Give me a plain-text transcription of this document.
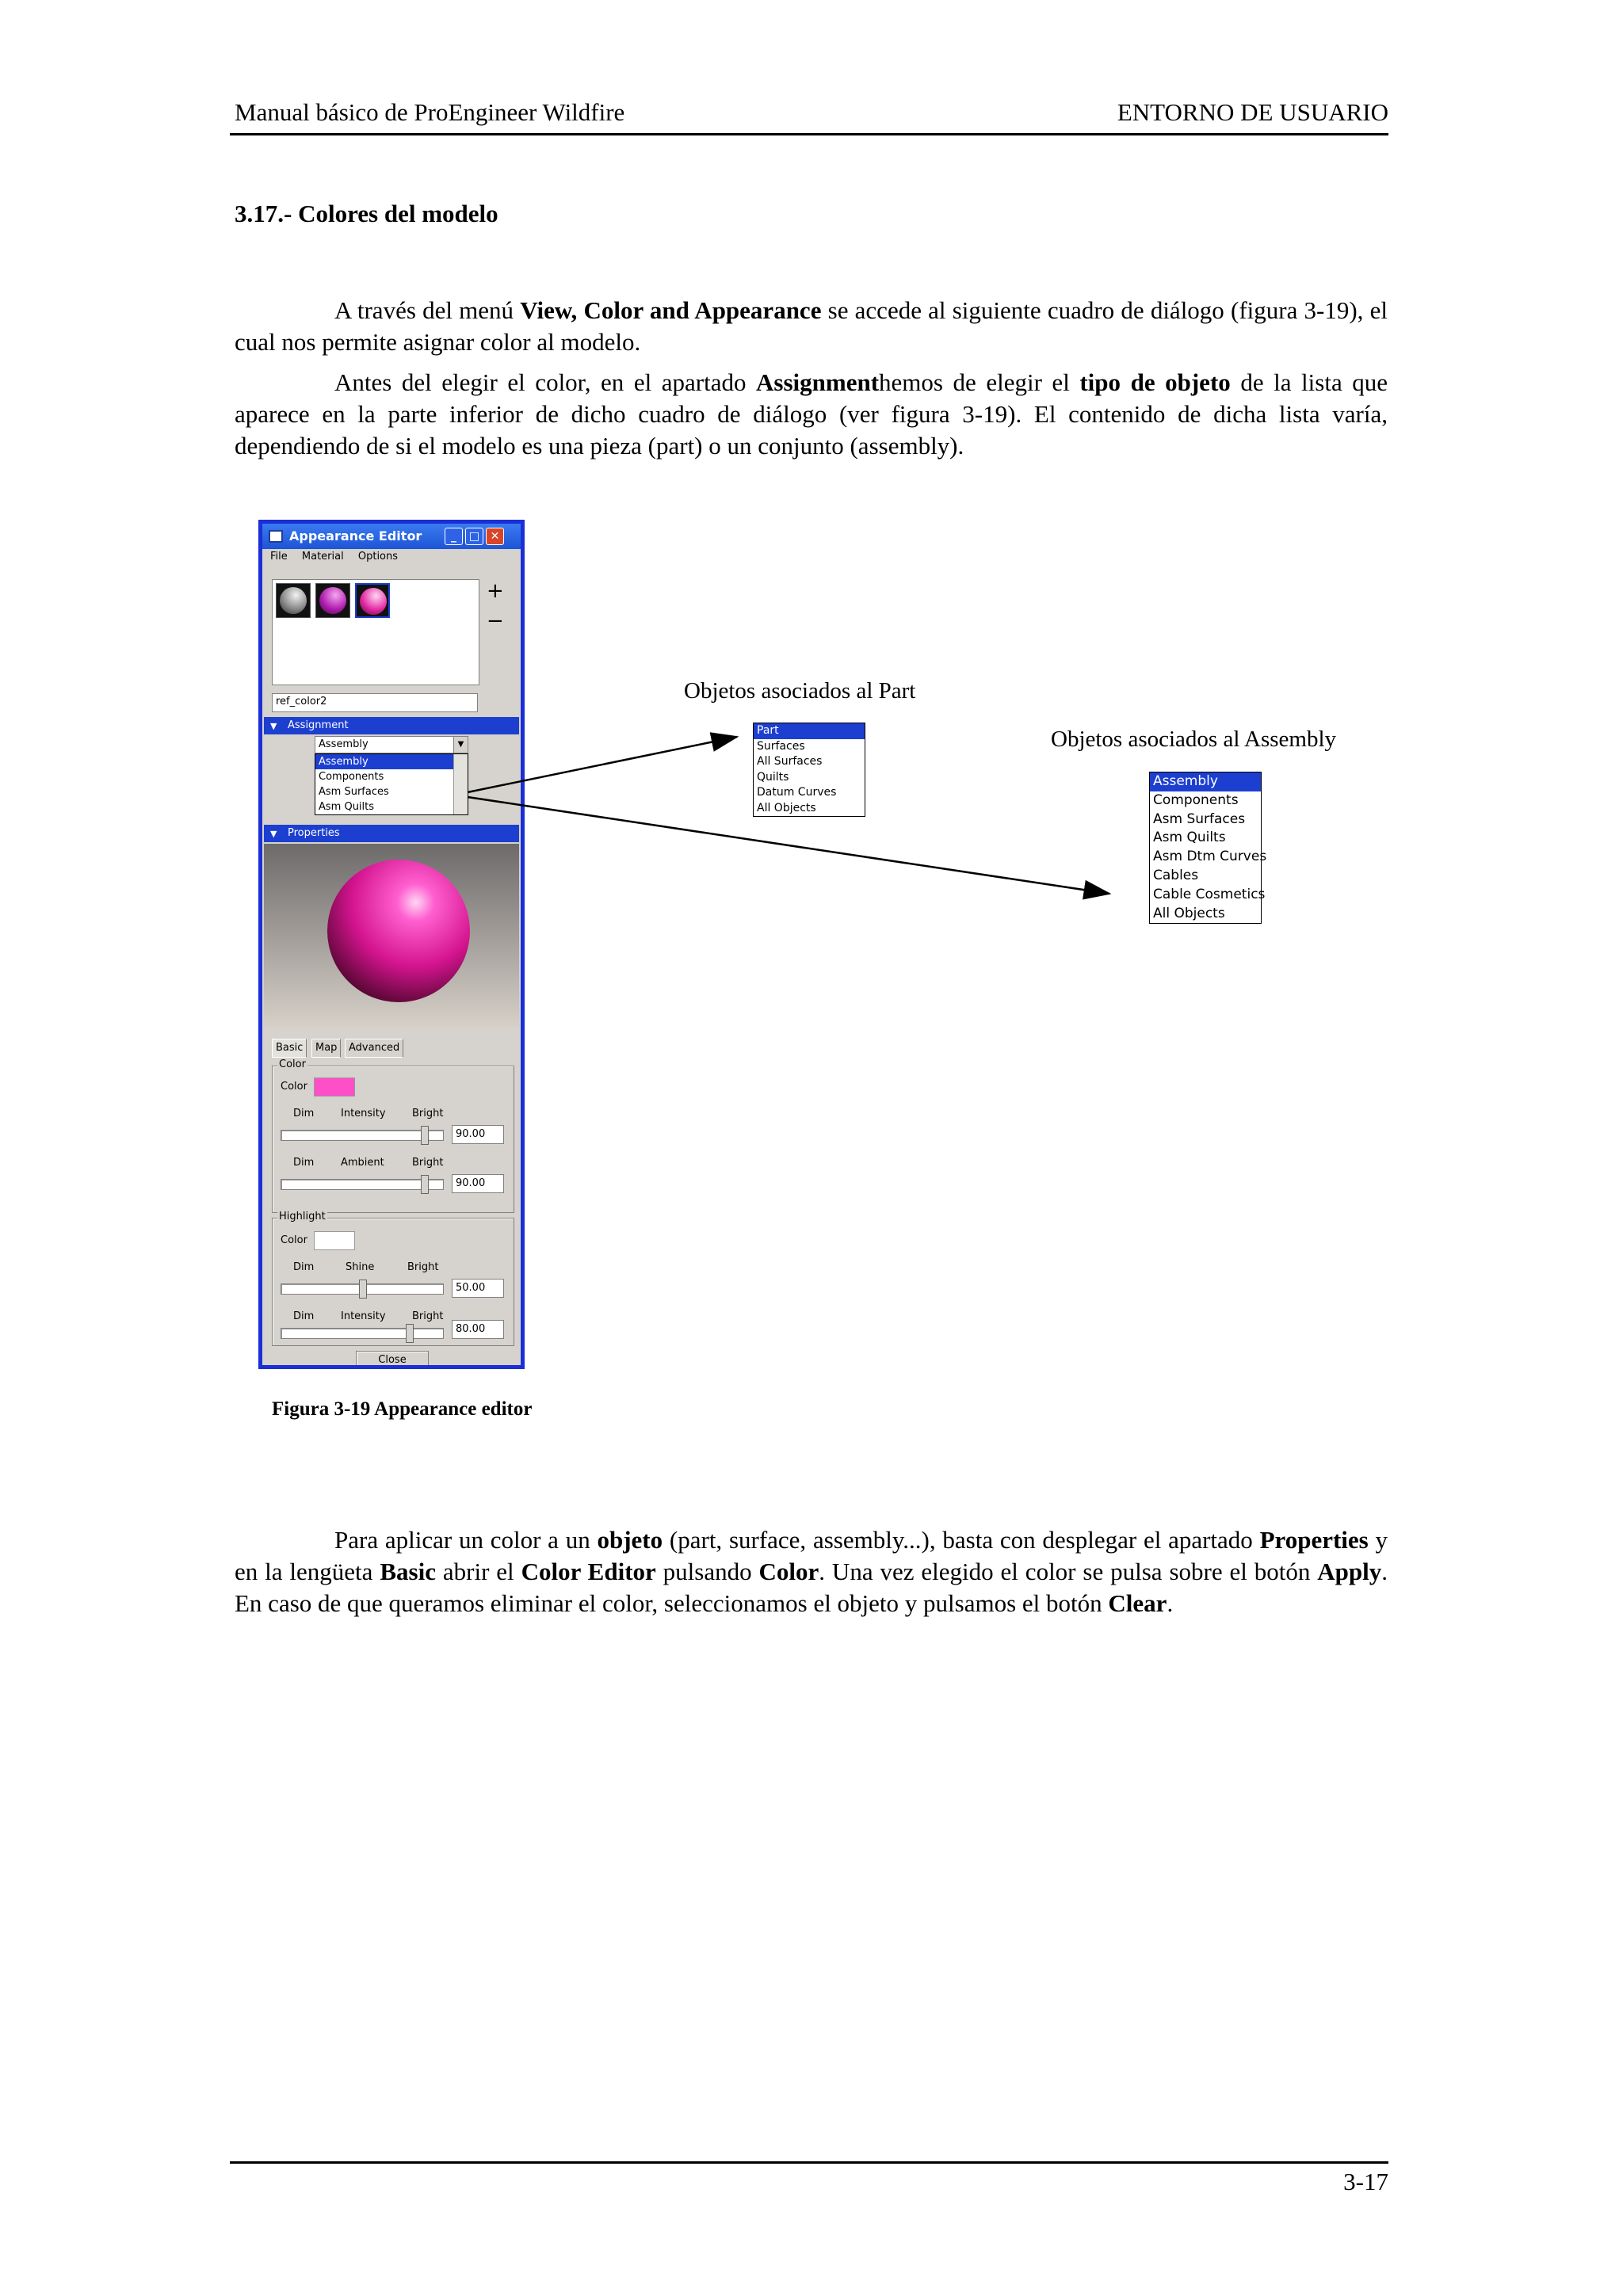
Manual básico de ProEngineer Wildfire	ENTORNO DE USUARIO
3.17.- Colores del modelo

A través del menú View, Color and Appearance se accede al siguiente cuadro de diálogo (figura 3-19), el cual nos permite asignar color al modelo.

Antes del elegir el color, en el apartado Assignmenthemos de elegir el tipo de objeto de la lista que aparece en la parte inferior de dicho cuadro de diálogo (ver figura 3-19). El contenido de dicha lista varía, dependiendo de si el modelo es una pieza (part) o un conjunto (assembly).

Appearance Editor	_	□ ✕
File Material Options
+
−
ref_color2
▼ Assignment
Assembly	▼
Assembly
Components
Asm Surfaces
Asm Quilts
▼ Properties
Basic	Map	Advanced
Color
Color
Dim	Intensity	Bright
90.00
Dim	Ambient	Bright
90.00
Highlight
Color
Dim	Shine	Bright
50.00
Dim	Intensity	Bright
80.00
Close
Objetos asociados al Part
Part
Surfaces
All Surfaces
Quilts
Datum Curves
All Objects
Objetos asociados al Assembly
Assembly
Components
Asm Surfaces
Asm Quilts
Asm Dtm Curves
Cables
Cable Cosmetics
All Objects
Figura 3-19 Appearance editor

Para aplicar un color a un objeto (part, surface, assembly...), basta con desplegar el apartado Properties y en la lengüeta Basic abrir el Color Editor pulsando Color. Una vez elegido el color se pulsa sobre el botón Apply. En caso de que queramos eliminar el color, seleccionamos el objeto y pulsamos el botón Clear.

3-17
